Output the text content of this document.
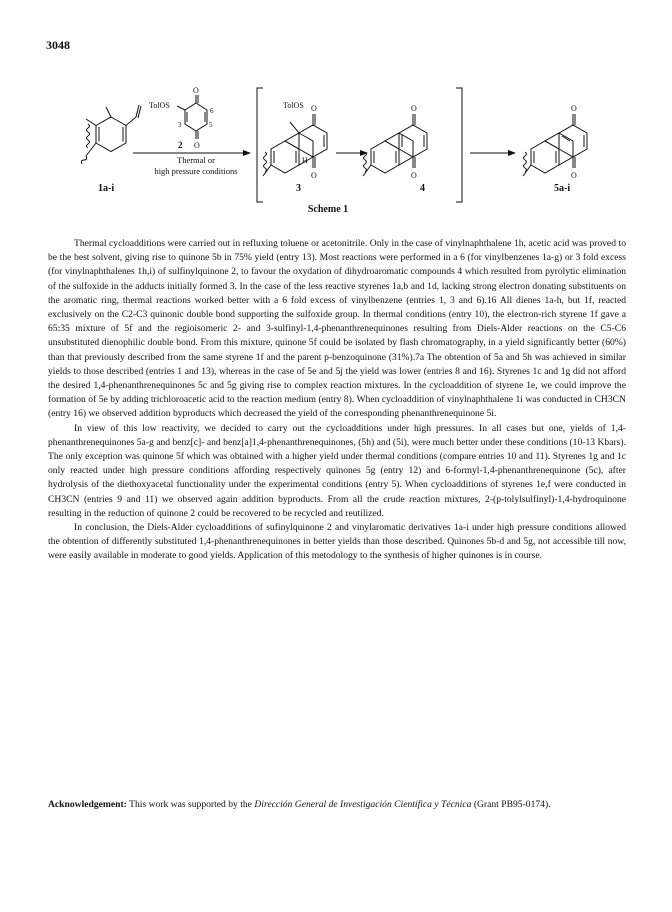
3048
1a-i
O
TolOS
6
3	5
2 O
Thermal or
high pressure conditions
TolOS O
H
O
3
O
O
4
O
O
5a-i
Scheme 1

Thermal cycloadditions were carried out in refluxing toluene or acetonitrile. Only in the case of vinylnaphthalene 1h, acetic acid was proved to be the best solvent, giving rise to quinone 5b in 75% yield (entry 13). Most reactions were performed in a 6 (for vinylbenzenes 1a-g) or 3 fold excess (for vinylnaphthalenes 1h,i) of sulfinylquinone 2, to favour the oxydation of dihydroaromatic compounds 4 which resulted from pyrolytic elimination of the sulfoxide in the adducts initially formed 3. In the case of the less reactive styrenes 1a,b and 1d, lacking strong electron donating substituents on the aromatic ring, thermal reactions worked better with a 6 fold excess of vinylbenzene (entries 1, 3 and 6).16 All dienes 1a-h, but 1f, reacted exclusively on the C2-C3 quinonic double bond supporting the sulfoxide group. In thermal conditions (entry 10), the electron-rich styrene 1f gave a 65:35 mixture of 5f and the regioisomeric 2- and 3-sulfinyl-1,4-phenanthrenequinones resulting from Diels-Alder reactions on the C5-C6 unsubstituted dienophilic double bond. From this mixture, quinone 5f could be isolated by flash chromatography, in a yield significantly better (60%) than that previously described from the same styrene 1f and the parent p-benzoquinone (31%).7a The obtention of 5a and 5h was achieved in similar yields to those described (entries 1 and 13), whereas in the case of 5e and 5j the yield was lower (entries 8 and 16). Styrenes 1c and 1g did not afford the desired 1,4-phenanthrenequinones 5c and 5g giving rise to complex reaction mixtures. In the cycloaddition of styrene 1e, we could improve the formation of 5e by adding trichloroacetic acid to the reaction medium (entry 8). When cycloaddition of vinylnaphthalene 1i was conducted in CH3CN (entry 16) we observed addition byproducts which decreased the yield of the corresponding phenanthrenequinone 5i.

In view of this low reactivity, we decided to carry out the cycloadditions under high pressures. In all cases but one, yields of 1,4-phenanthrenequinones 5a-g and benz[c]- and benz[a]1,4-phenanthrenequinones, (5h) and (5i), were much better under these conditions (10-13 Kbars). The only exception was quinone 5f which was obtained with a higher yield under thermal conditions (compare entries 10 and 11). Styrenes 1g and 1c only reacted under high pressure conditions affording respectively quinones 5g (entry 12) and 6-formyl-1,4-phenanthrenequinone (5c), after hydrolysis of the diethoxyacetal functionality under the experimental conditions (entry 5). When cycloadditions of styrenes 1e,f were conducted in CH3CN (entries 9 and 11) we observed again addition byproducts. From all the crude reaction mixtures, 2-(p-tolylsulfinyl)-1,4-hydroquinone resulting in the reduction of quinone 2 could be recovered to be recycled and reutilized.

In conclusion, the Diels-Alder cycloadditions of sufinylquinone 2 and vinylaromatic derivatives 1a-i under high pressure conditions allowed the obtention of differently substituted 1,4-phenanthrenequinones in better yields than those described. Quinones 5b-d and 5g, not accessible till now, were easily available in moderate to good yields. Application of this metodology to the synthesis of higher quinones is in course.

Acknowledgement: This work was supported by the Dirección General de Investigación Científica y Técnica (Grant PB95-0174).
